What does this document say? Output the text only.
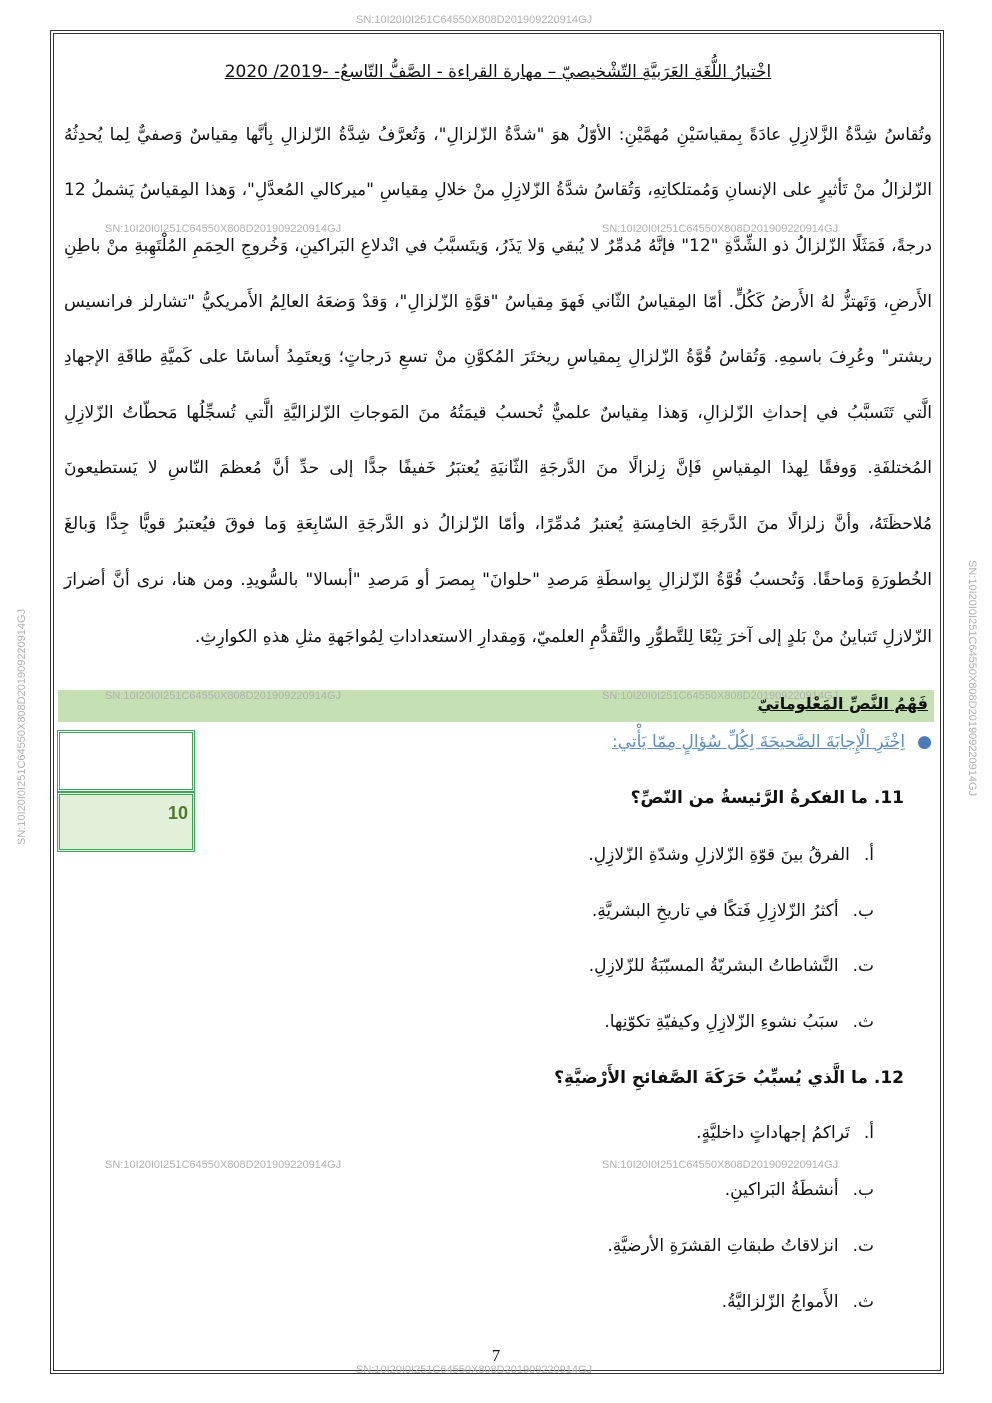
SN:10I20I0I251C64550X808D201909220914GJ
SN:10I20I0I251C64550X808D201909220914GJ	SN:10I20I0I251C64550X808D201909220914GJ
SN:10I20I0I251C64550X808D201909220914GJ	SN:10I20I0I251C64550X808D201909220914GJ
SN:10I20I0I251C64550X808D201909220914GJ
SN:10I20I0I251C64550X808D201909220914GJ	SN:10I20I0I251C64550X808D201909220914GJ
اخْتبارُ اللُّغَةِ العَرَبيَّةِ التّشْخيصيّ – مهارة القراءة - الصَّفُّ التّاسعُ- -2019/ 2020
وتُقاسُ شِدَّةُ الزَّلازِلِ عادَةً بِمقياسَيْنِ مُهمَّيْنِ: الأوّلُ هوَ "شدَّةُ الزّلزالِ"، وَتُعرَّفُ شِدَّةُ الزّلزالِ بِأنَّها مِقياسٌ وَصفيٌّ لِما يُحدِثُهُ
الزّلزالُ منْ تَأثيرٍ على الإنسانِ وَمُمتلكاتِهِ، وَتُقاسُ شدَّةُ الزّلازِلِ منْ خلالِ مِقياسِ "ميركالي المُعدَّلِ"، وَهذا المِقياسُ يَشملُ 12
درجةً، فَمَثَلًا الزّلزالُ ذو الشِّدَّةِ "12" فإنَّهُ مُدمِّرٌ لا يُبقي وَلا يَذَرُ، وَيتَسبَّبُ في انْدلاعِ البَراكينِ، وَخُروجِ الحِمَمِ المُلْتَهِبةِ منْ باطِنِ
الأَرضِ، وَتَهتزُّ لهُ الأَرضُ كَكُلٍّ. أمّا المِقياسُ الثّاني فَهوَ مِقياسُ "قوَّةِ الزّلزالِ"، وَقدْ وَضعَهُ العالِمُ الأَمريكيُّ "تشارلز فرانسيس
ريشتر" وعُرِفَ باسمِهِ. وَتُقاسُ قُوَّةُ الزّلزالِ بِمقياسِ ريختَرَ المُكوَّنِ منْ تسعِ دَرجاتٍ؛ وَيعتَمِدُ أساسًا على كَميَّةِ طاقَةِ الإجهادِ
الَّتي تَتَسبَّبُ في إحداثِ الزّلزالِ، وَهذا مِقياسٌ علميٌّ تُحسبُ قيمَتُهُ منَ المَوجاتِ الزّلزاليَّةِ الَّتي تُسجِّلُها مَحطّاتُ الزّلازِلِ
المُختلفَةِ. وَوفقًا لِهذا المِقياسِ فَإنَّ زِلزالًا منَ الدَّرجَةِ الثّانيَةِ يُعتبَرُ خَفيفًا جدًّا إلى حدِّ أنَّ مُعظمَ النّاسِ لا يَستطيعونَ
مُلاحظَتَهُ، وأنَّ زلزالًا منَ الدَّرجَةِ الخامِسَةِ يُعتبرُ مُدمِّرًا، وأمّا الزّلزالُ ذو الدَّرجَةِ السّابِعَةِ وَما فوقَ فيُعتبرُ قويًّا جِدًّا وَبالغَ
الخُطورَةِ وَماحقًا. وَتُحسبُ قُوَّةُ الزّلزالِ بِواسطَةِ مَرصدِ "حلوانَ" بِمصرَ أو مَرصدِ "أبسالا" بالسُّويدِ. ومن هنا، نرى أنَّ أضرارَ
الزّلازلِ تَتباينُ منْ بَلدٍ إلى آخرَ تِبْعًا لِلتَّطوُّرِ والتَّقدُّمِ العلميّ، وَمِقدارِ الاستعداداتِ لِمُواجَهةِ مثلِ هذهِ الكوارِثِ.
SN:10I20I0I251C64550X808D201909220914GJ	SN:10I20I0I251C64550X808D201909220914GJ
فَهْمُ النَّصِّ المَعْلوماتيّ
10
●اِخْتَرِ الْإِجابَةَ الصَّحيحَةَ لِكُلِّ سُؤالٍ مِمّا يَأْتي:
11. ما الفكرةُ الرَّئيسةُ من النّصِّ؟
أ.الفرقُ بينَ قوّةِ الزّلازلِ وشدّةِ الزّلازِلِ.
ب.أكثرُ الزّلازِلِ فَتكًا في تاريخِ البشريَّةِ.
ت.النَّشاطاتُ البشريّةُ المسبّبَةُ للزّلازِلِ.
ث.سبَبُ نشوءِ الزّلازِلِ وكيفيّةِ تكوّنِها.
12. ما الَّذي يُسبِّبُ حَرَكَةَ الصَّفائحِ الأَرْضيَّةِ؟
أ.تَراكمُ إجهاداتٍ داخليَّةٍ.
ب.أنشطَةُ البَراكينِ.
ت.انزلاقاتُ طبقاتِ القشرَةِ الأرضيَّةِ.
ث.الأَمواجُ الزّلزاليَّةُ.
7
